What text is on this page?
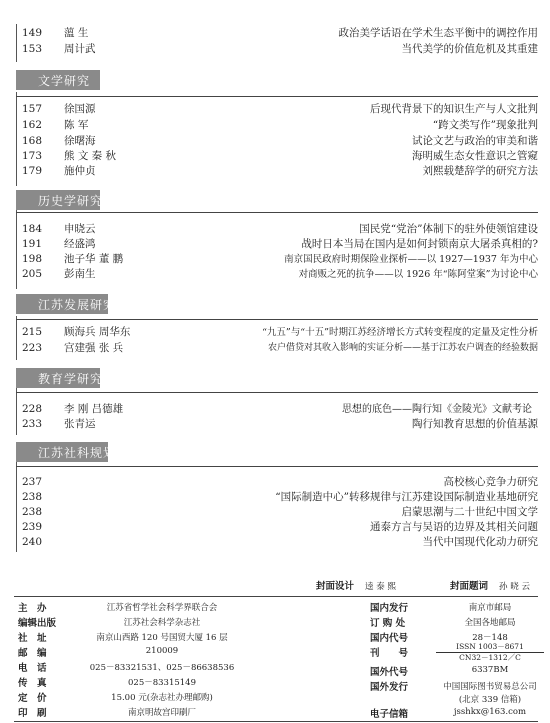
149	薀 生	政治美学话语在学术生态平衡中的调控作用
153	周计武	当代美学的价值危机及其重建
文学研究
157	徐国源	后现代背景下的知识生产与人文批判
162	陈 军	“跨文类写作”现象批判
168	徐曙海	试论文艺与政治的审美和谐
173	熊 文 秦 秋	海明威生态女性意识之管窥
179	施仲贞	刘熙载楚辞学的研究方法
历史学研究
184	申晓云	国民党“党治”体制下的驻外使领馆建设
191	经盛鸿	战时日本当局在国内是如何封锁南京大屠杀真相的?
198	池子华 董 鹏	南京国民政府时期保险业探析——以 1927—1937 年为中心
205	彭南生	对商贩之死的抗争——以 1926 年“陈阿堂案”为讨论中心
江苏发展研究
215	顾海兵 周华东	“九五”与“十五”时期江苏经济增长方式转变程度的定量及定性分析
223	宫建强 张 兵	农户借贷对其收入影响的实证分析——基于江苏农户调查的经验数据
教育学研究
228	李 刚 吕德雄	思想的底色——陶行知《金陵光》文献考论
233	张青运	陶行知教育思想的价值基源
江苏社科规划
237	高校核心竞争力研究
238	“国际制造中心”转移规律与江苏建设国际制造业基地研究
238	启蒙思潮与二十世纪中国文学
239	通泰方言与吴语的边界及其相关问题
240	当代中国现代化动力研究
封面设计 逵 泰 熙	封面题词 孙 晓 云
主　办	江苏省哲学社会科学界联合会
编辑出版	江苏社会科学杂志社
社　址	南京山西路 120 号国贸大厦 16 层
邮　编	210009
电　话	025－83321531、025－86638536
传　真	025－83315149
定　价	15.00 元(杂志社办理邮购)
印　刷	南京明故宫印刷厂
国内发行	南京市邮局
订 购 处	全国各地邮局
国内代号	28－148
刊　　号
ISSN 1003－8671
CN32－1312／C
国外代号	6337BM
国外发行	中国国际图书贸易总公司
(北京 339 信箱)
电子信箱	jsshkx@163.com
